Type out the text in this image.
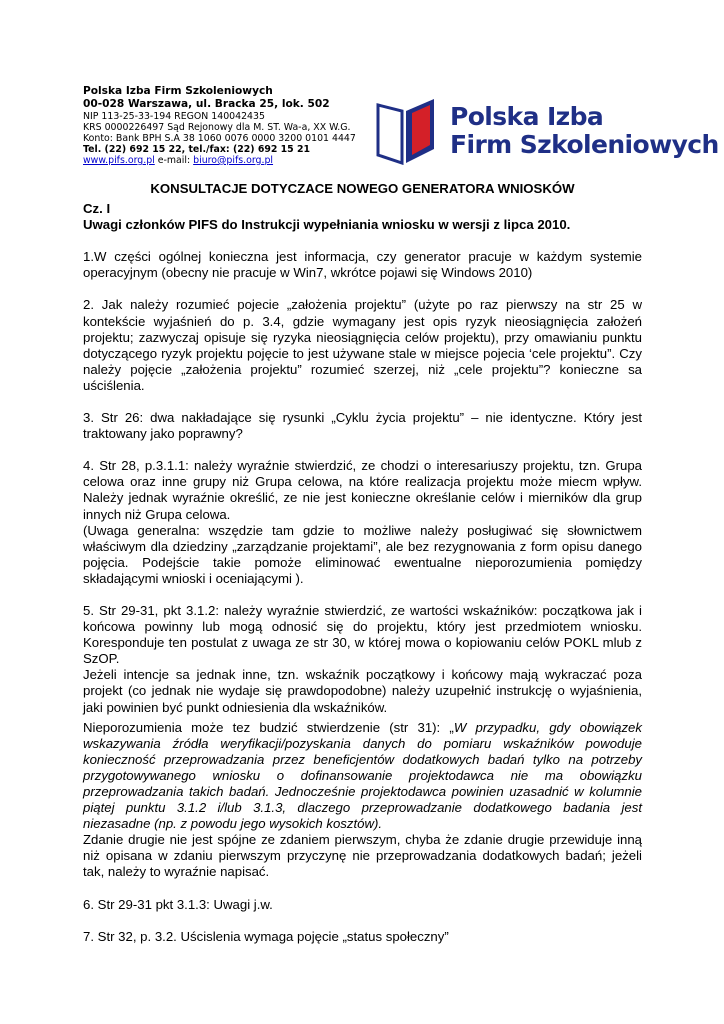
Polska Izba Firm Szkoleniowych
00-028 Warszawa, ul. Bracka 25, lok. 502
NIP 113-25-33-194 REGON 140042435
KRS 0000226497 Sąd Rejonowy dla M. ST. Wa-a, XX W.G.
Konto: Bank BPH S.A 38 1060 0076 0000 3200 0101 4447
Tel. (22) 692 15 22, tel./fax: (22) 692 15 21
www.pifs.org.pl e-mail: biuro@pifs.org.pl
Polska Izba
Firm Szkoleniowych

KONSULTACJE DOTYCZACE NOWEGO GENERATORA WNIOSKÓW

Cz. I

Uwagi członków PIFS do Instrukcji wypełniania wniosku w wersji z lipca 2010.

1.W części ogólnej konieczna jest informacja, czy generator pracuje w każdym systemie operacyjnym (obecny nie pracuje w Win7, wkrótce pojawi się Windows 2010)

2. Jak należy rozumieć pojecie „założenia projektu” (użyte po raz pierwszy na str 25 w kontekście wyjaśnień do p. 3.4, gdzie wymagany jest opis ryzyk nieosiągnięcia założeń projektu; zazwyczaj opisuje się ryzyka nieosiągnięcia celów projektu), przy omawianiu punktu dotyczącego ryzyk projektu pojęcie to jest używane stale w miejsce pojecia ‘cele projektu”. Czy należy pojęcie „założenia projektu” rozumieć szerzej, niż „cele projektu”? konieczne sa uściślenia.

3. Str 26: dwa nakładające się rysunki „Cyklu życia projektu” – nie identyczne. Który jest traktowany jako poprawny?

4. Str 28, p.3.1.1: należy wyraźnie stwierdzić, ze chodzi o interesariuszy projektu, tzn. Grupa celowa oraz inne grupy niż Grupa celowa, na które realizacja projektu może miecm wpływ. Należy jednak wyraźnie określić, ze nie jest konieczne określanie celów i mierników dla grup innych niż Grupa celowa.

(Uwaga generalna: wszędzie tam gdzie to możliwe należy posługiwać się słownictwem właściwym dla dziedziny „zarządzanie projektami”, ale bez rezygnowania z form opisu danego pojęcia. Podejście takie pomoże eliminować ewentualne nieporozumienia pomiędzy składającymi wnioski i oceniającymi ).

5. Str 29-31, pkt 3.1.2: należy wyraźnie stwierdzić, ze wartości wskaźników: początkowa jak i końcowa powinny lub mogą odnosić się do projektu, który jest przedmiotem wniosku. Koresponduje ten postulat z uwaga ze str 30, w której mowa o kopiowaniu celów POKL mlub z SzOP.

Jeżeli intencje sa jednak inne, tzn. wskaźnik początkowy i końcowy mają wykraczać poza projekt (co jednak nie wydaje się prawdopodobne) należy uzupełnić instrukcję o wyjaśnienia, jaki powinien być punkt odniesienia dla wskaźników.

Nieporozumienia może tez budzić stwierdzenie (str 31): „W przypadku, gdy obowiązek wskazywania źródła weryfikacji/pozyskania danych do pomiaru wskaźników powoduje konieczność przeprowadzania przez beneficjentów dodatkowych badań tylko na potrzeby przygotowywanego wniosku o dofinansowanie projektodawca nie ma obowiązku przeprowadzania takich badań. Jednocześnie projektodawca powinien uzasadnić w kolumnie piątej punktu 3.1.2 i/lub 3.1.3, dlaczego przeprowadzanie dodatkowego badania jest niezasadne (np. z powodu jego wysokich kosztów).

Zdanie drugie nie jest spójne ze zdaniem pierwszym, chyba że zdanie drugie przewiduje inną niż opisana w zdaniu pierwszym przyczynę nie przeprowadzania dodatkowych badań; jeżeli tak, należy to wyraźnie napisać.

6. Str 29-31 pkt 3.1.3: Uwagi j.w.

7. Str 32, p. 3.2. Uścislenia wymaga pojęcie „status społeczny”
